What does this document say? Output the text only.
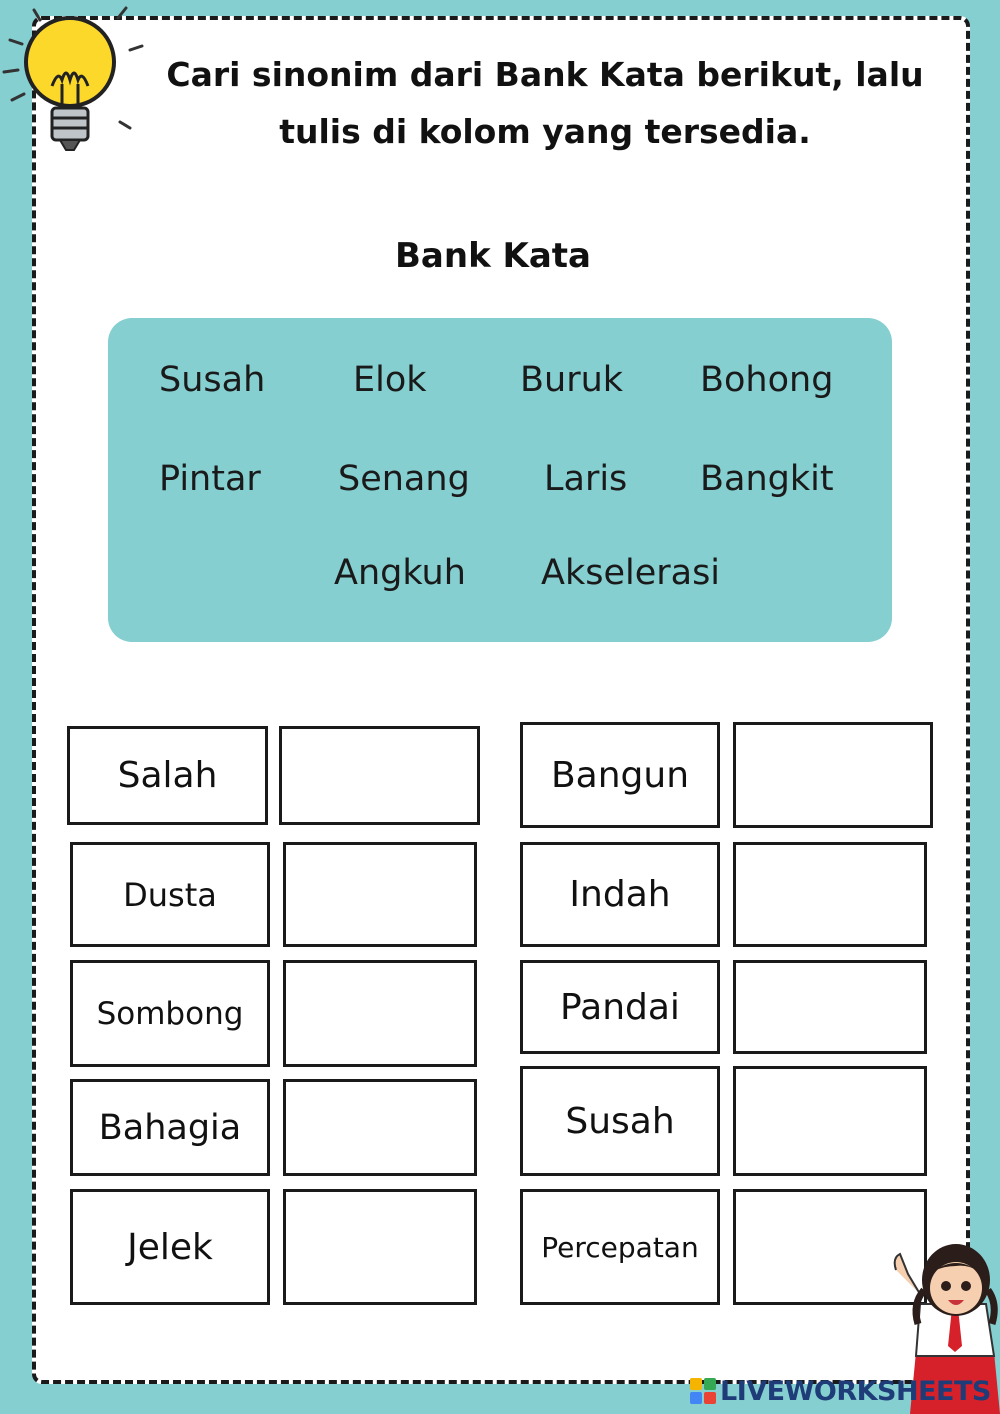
Cari sinonim dari Bank Kata berikut, lalu
tulis di kolom yang tersedia.
Bank Kata
Susah	Elok	Buruk Bohong
Pintar Senang Laris Bangkit
Angkuh Akselerasi
Salah
Dusta
Sombong
Bahagia
Jelek
Bangun
Indah
Pandai
Susah
Percepatan
LIVEWORKSHEETS
